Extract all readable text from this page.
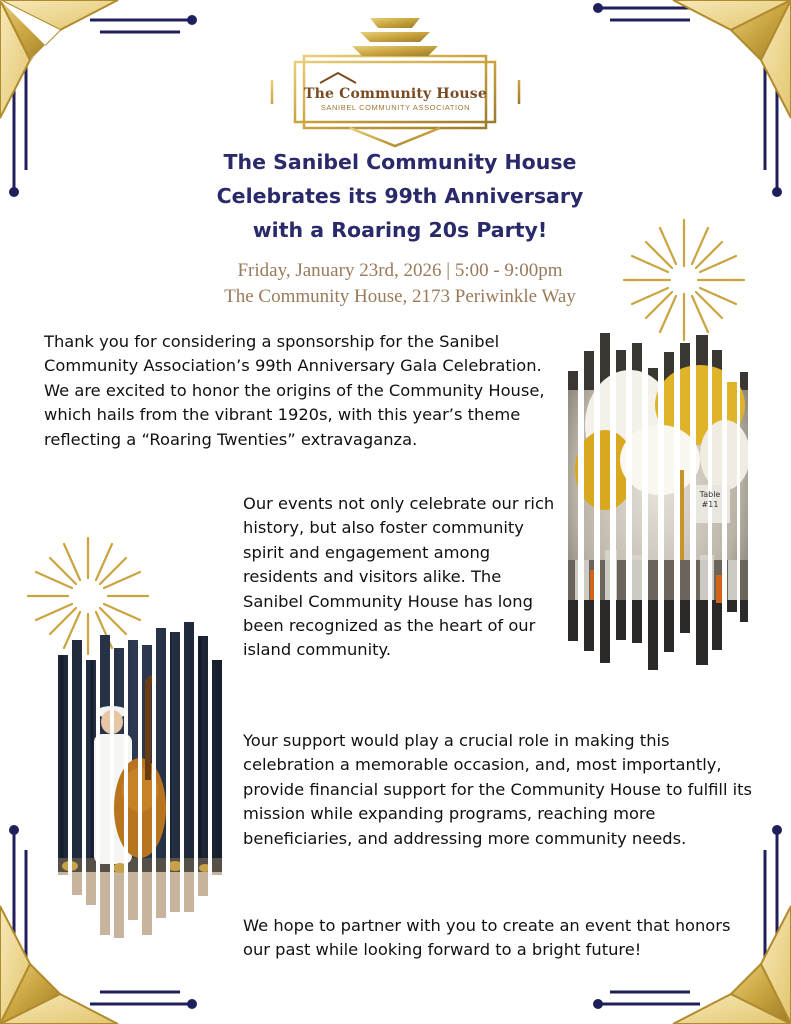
The Community House
SANIBEL COMMUNITY ASSOCIATION
The Sanibel Community House
Celebrates its 99th Anniversary
with a Roaring 20s Party!
Friday, January 23rd, 2026 | 5:00 - 9:00pm
The Community House, 2173 Periwinkle Way

Thank you for considering a sponsorship for the Sanibel Community Association’s 99th Anniversary Gala Celebration. We are excited to honor the origins of the Community House, which hails from the vibrant 1920s, with this year’s theme reflecting a “Roaring Twenties” extravaganza.

Our events not only celebrate our rich history, but also foster community spirit and engagement among residents and visitors alike. The Sanibel Community House has long been recognized as the heart of our island community.

Your support would play a crucial role in making this celebration a memorable occasion, and, most importantly, provide financial support for the Community House to fulfill its mission while expanding programs, reaching more beneficiaries, and addressing more community needs.

We hope to partner with you to create an event that honors our past while looking forward to a bright future!

Table #11
